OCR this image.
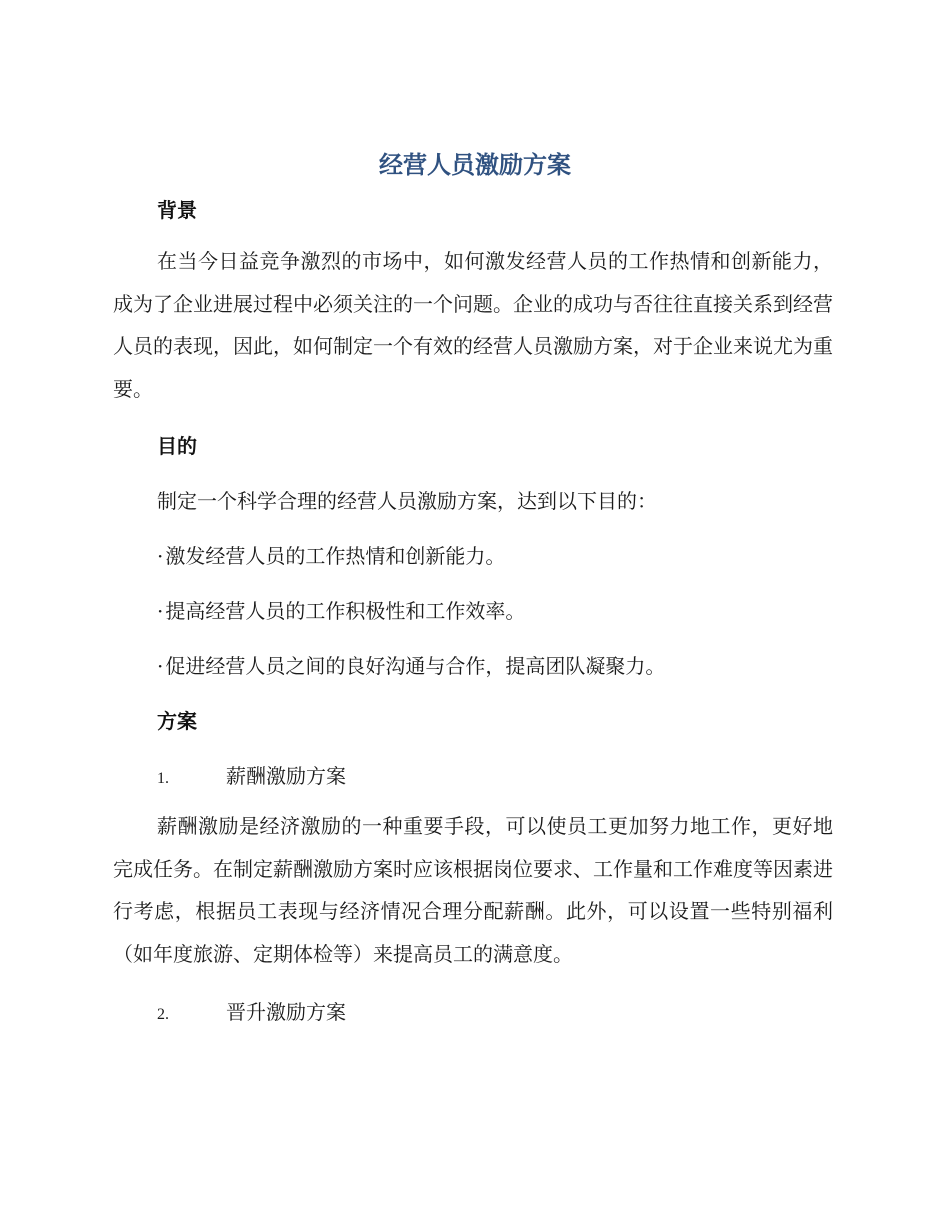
经营人员激励方案
背景

在当今日益竞争激烈的市场中，如何激发经营人员的工作热情和创新能力，成为了企业进展过程中必须关注的一个问题。企业的成功与否往往直接关系到经营人员的表现，因此，如何制定一个有效的经营人员激励方案，对于企业来说尤为重要。

目的

制定一个科学合理的经营人员激励方案，达到以下目的：

· 激发经营人员的工作热情和创新能力。

· 提高经营人员的工作积极性和工作效率。

· 促进经营人员之间的良好沟通与合作，提高团队凝聚力。

方案

1.	薪酬激励方案

薪酬激励是经济激励的一种重要手段，可以使员工更加努力地工作，更好地完成任务。在制定薪酬激励方案时应该根据岗位要求、工作量和工作难度等因素进行考虑，根据员工表现与经济情况合理分配薪酬。此外，可以设置一些特别福利（如年度旅游、定期体检等）来提高员工的满意度。

2.	晋升激励方案
